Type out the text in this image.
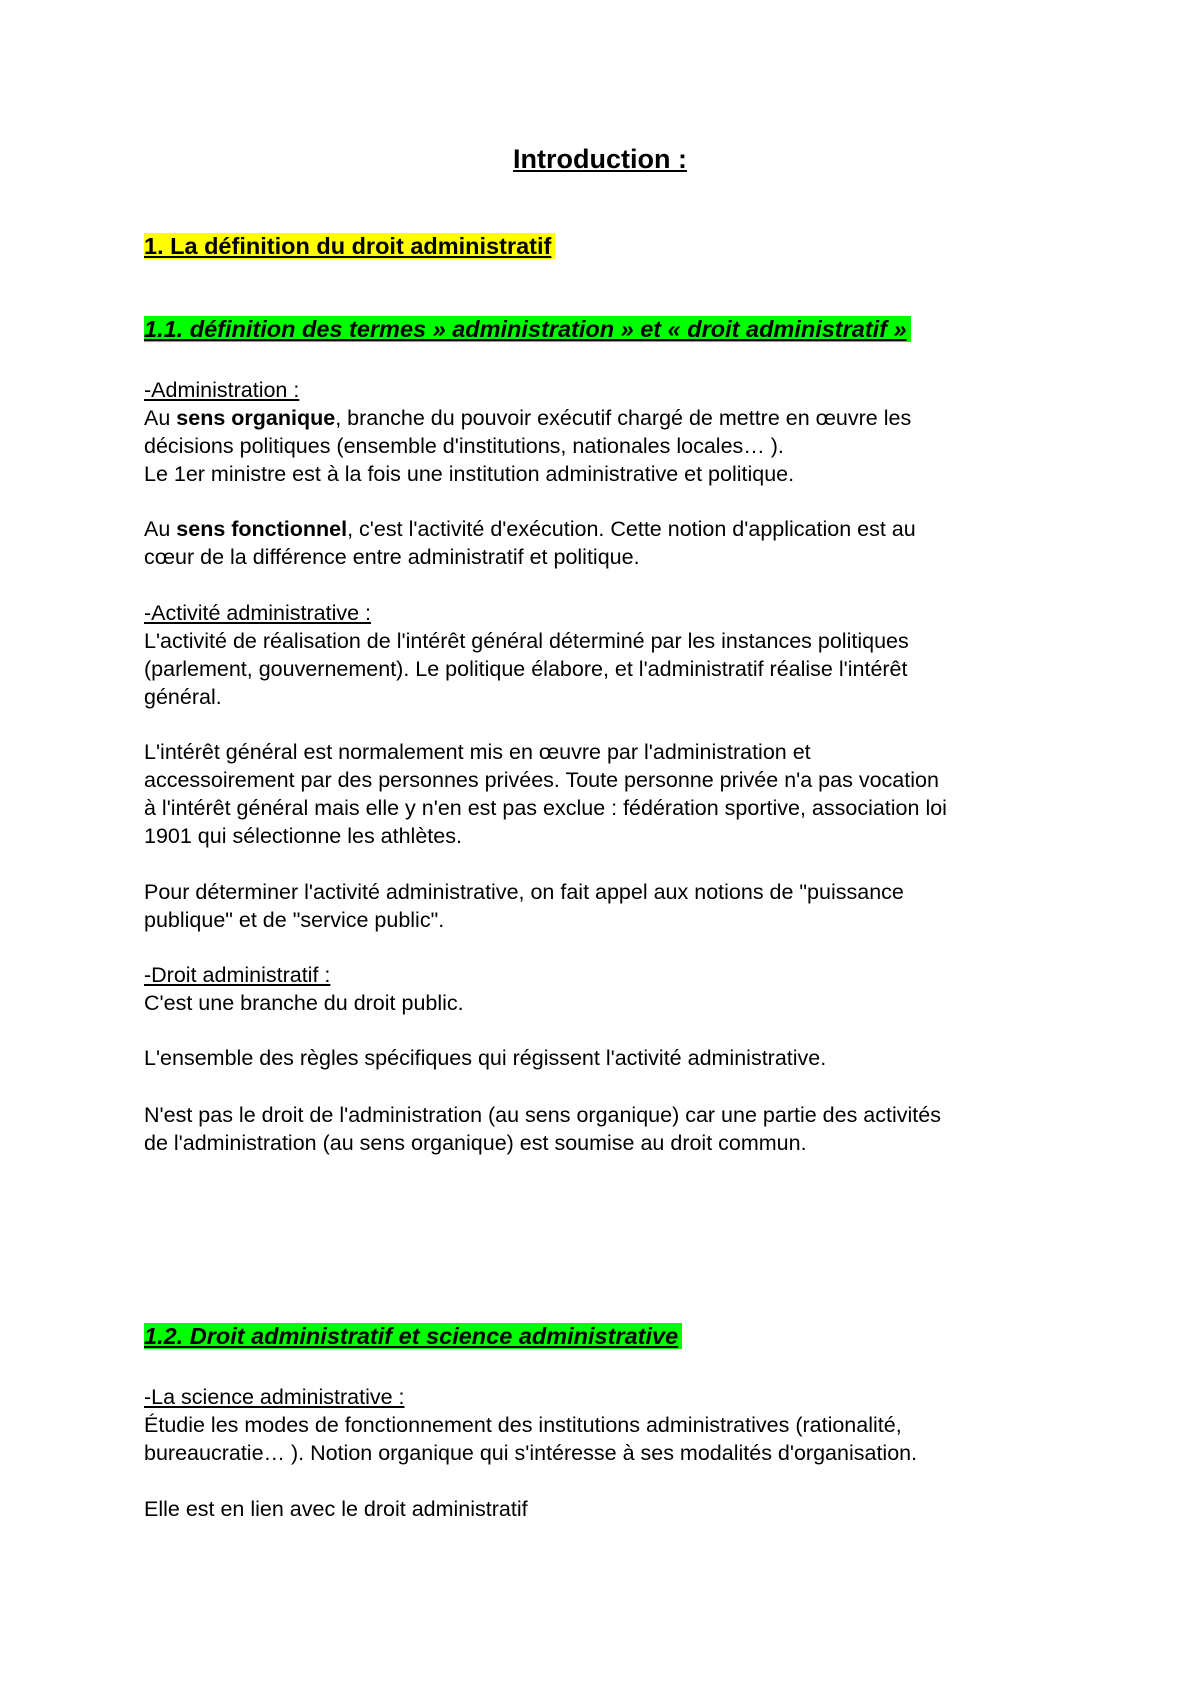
Introduction :
1. La définition du droit administratif
1.1. définition des termes » administration » et « droit administratif »
-Administration :
Au sens organique, branche du pouvoir exécutif chargé de mettre en œuvre les
décisions politiques (ensemble d'institutions, nationales locales… ).
Le 1er ministre est à la fois une institution administrative et politique.
Au sens fonctionnel, c'est l'activité d'exécution. Cette notion d'application est au
cœur de la différence entre administratif et politique.
-Activité administrative :
L'activité de réalisation de l'intérêt général déterminé par les instances politiques
(parlement, gouvernement). Le politique élabore, et l'administratif réalise l'intérêt
général.
L'intérêt général est normalement mis en œuvre par l'administration et
accessoirement par des personnes privées. Toute personne privée n'a pas vocation
à l'intérêt général mais elle y n'en est pas exclue : fédération sportive, association loi
1901 qui sélectionne les athlètes.
Pour déterminer l'activité administrative, on fait appel aux notions de "puissance
publique" et de "service public".
-Droit administratif :
C'est une branche du droit public.
L'ensemble des règles spécifiques qui régissent l'activité administrative.
N'est pas le droit de l'administration (au sens organique) car une partie des activités
de l'administration (au sens organique) est soumise au droit commun.
1.2. Droit administratif et science administrative
-La science administrative :
Étudie les modes de fonctionnement des institutions administratives (rationalité,
bureaucratie… ). Notion organique qui s'intéresse à ses modalités d'organisation.
Elle est en lien avec le droit administratif
